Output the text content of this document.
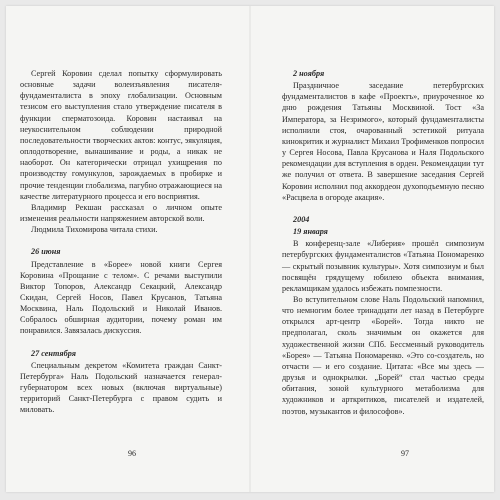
Сергей Коровин сделал попытку сформулировать основные задачи волеизъявления писателя-фундаменталиста в эпоху глобализации. Основным тезисом его выступления стало утверждение писателя в функции сперматозоида. Коровин настаивал на неукоснительном соблюдении природной последовательности творческих актов: контус, эякуляция, оплодотворение, вынашивание и роды, а никак не наоборот. Он категорически отрицал ухищрения по производству гомункулов, зарождаемых в пробирке и прочие тенденции глобализма, пагубно отражающиеся на качестве литературного процесса и его восприятия.

Владимир Рекшан рассказал о личном опыте изменения реальности напряжением авторской воли.

Людмила Тихомирова читала стихи.

26 июня

Представление в «Борее» новой книги Сергея Коровина «Прощание с телом». С речами выступили Виктор Топоров, Александр Секацкий, Александр Скидан, Сергей Носов, Павел Крусанов, Татьяна Москвина, Наль Подольский и Николай Иванов. Собралось обширная аудитории, почему роман им понравился. Завязалась дискуссия.

27 сентября

Специальным декретом «Комитета граждан Санкт-Петербурга» Наль Подольский назначается генерал-губернатором всех новых (включая виртуальные) территорий Санкт-Петербурга с правом судить и миловать.

96
2 ноября

Праздничное заседание петербургских фундаменталистов в кафе «Проектъ», приуроченное ко дню рождения Татьяны Москвиной. Тост «За Императора, за Незримого», который фундаменталисты исполнили стоя, очарованный эстетикой ритуала кинокритик и журналист Михаил Трофименков попросил у Сергея Носова, Павла Крусанова и Наля Подольского рекомендации для вступления в орден. Рекомендации тут же получил от ответа. В завершение заседания Сергей Коровин исполнил под аккордеон духоподъемную песню «Расцвела в огороде акация».

2004
19 января

В конференц-зале «Либерия» прошёл симпозиум петербургских фундаменталистов «Татьяна Пономаренко — скрытый позывник культуры». Хотя симпозиум и был посвящён грядущему юбилею объекта внимания, рекламщикам удалось избежать помпезности.

Во вступительном слове Наль Подольский напомнил, что немногим более тринадцати лет назад в Петербурге открылся арт-центр «Борей». Тогда никто не предполагал, сколь значимым он окажется для художественной жизни СПб. Бессменный руководитель «Борея» — Татьяна Пономаренко. «Это со-создатель, но отчасти — и его создание. Цитата: «Все мы здесь — друзья и однокрылки. „Борей“ стал частью среды обитания, зоной культурного метаболизма для художников и арткритиков, писателей и издателей, поэтов, музыкантов и философов».

97
